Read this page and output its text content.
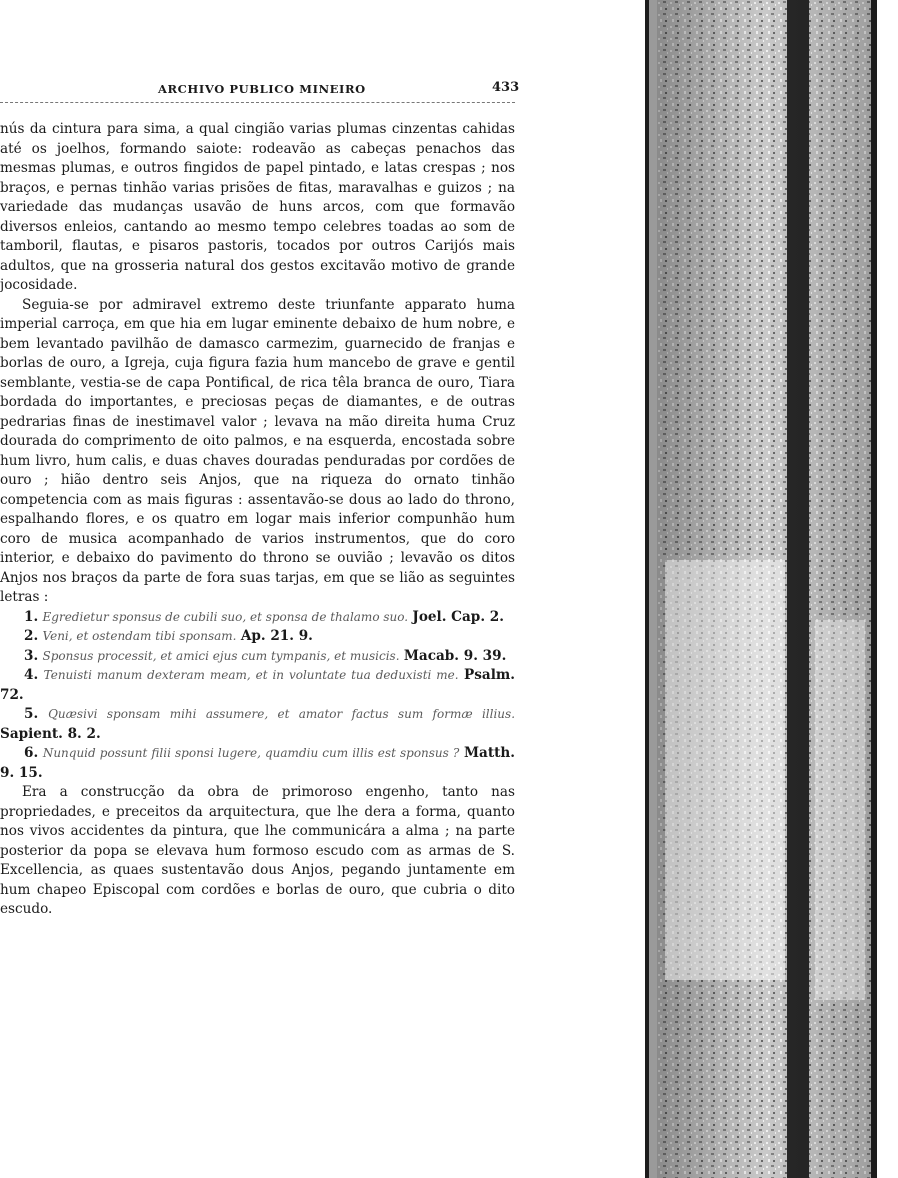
ARCHIVO PUBLICO MINEIRO	433

nús da cintura para sima, a qual cingião varias plumas cinzentas cahidas até os joelhos, formando saiote: rodeavão as cabeças penachos das mesmas plumas, e outros fingidos de papel pintado, e latas crespas ; nos braços, e pernas tinhão varias prisões de fitas, maravalhas e guizos ; na variedade das mudanças usavão de huns arcos, com que formavão diversos enleios, cantando ao mesmo tempo celebres toadas ao som de tamboril, flautas, e pisaros pastoris, tocados por outros Carijós mais adultos, que na grosseria natural dos gestos excitavão motivo de grande jocosidade.

Seguia-se por admiravel extremo deste triunfante apparato huma imperial carroça, em que hia em lugar eminente debaixo de hum nobre, e bem levantado pavilhão de damasco carmezim, guarnecido de franjas e borlas de ouro, a Igreja, cuja figura fazia hum mancebo de grave e gentil semblante, vestia-se de capa Pontifical, de rica têla branca de ouro, Tiara bordada do importantes, e preciosas peças de diamantes, e de outras pedrarias finas de inestimavel valor ; levava na mão direita huma Cruz dourada do comprimento de oito palmos, e na esquerda, encostada sobre hum livro, hum calis, e duas chaves douradas penduradas por cordões de ouro ; hião dentro seis Anjos, que na riqueza do ornato tinhão competencia com as mais figuras : assentavão-se dous ao lado do throno, espalhando flores, e os quatro em logar mais inferior compunhão hum coro de musica acompanhado de varios instrumentos, que do coro interior, e debaixo do pavimento do throno se ouvião ; levavão os ditos Anjos nos braços da parte de fora suas tarjas, em que se lião as seguintes letras :

1. Egredietur sponsus de cubili suo, et sponsa de thalamo suo. Joel. Cap. 2.

2. Veni, et ostendam tibi sponsam. Ap. 21. 9.

3. Sponsus processit, et amici ejus cum tympanis, et musicis. Macab. 9. 39.

4. Tenuisti manum dexteram meam, et in voluntate tua deduxisti me. Psalm. 72.

5. Quæsivi sponsam mihi assumere, et amator factus sum formæ illius. Sapient. 8. 2.

6. Nunquid possunt filii sponsi lugere, quamdiu cum illis est sponsus ? Matth. 9. 15.

Era a construcção da obra de primoroso engenho, tanto nas propriedades, e preceitos da arquitectura, que lhe dera a forma, quanto nos vivos accidentes da pintura, que lhe communicára a alma ; na parte posterior da popa se elevava hum formoso escudo com as armas de S. Excellencia, as quaes sustentavão dous Anjos, pegando juntamente em hum chapeo Episcopal com cordões e borlas de ouro, que cubria o dito escudo.
